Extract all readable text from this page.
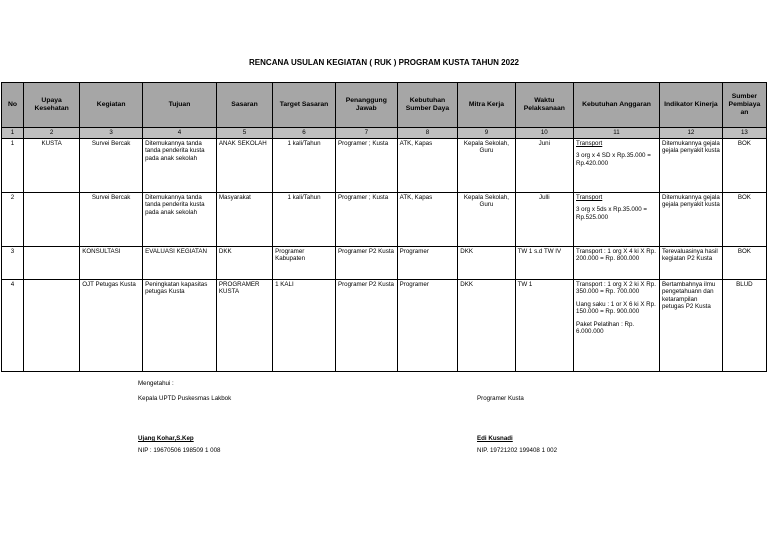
RENCANA USULAN KEGIATAN ( RUK ) PROGRAM KUSTA TAHUN 2022
No	Upaya Kesehatan	Kegiatan	Tujuan	Sasaran	Target Sasaran	Penanggung Jawab	Kebutuhan Sumber Daya	Mitra Kerja	Waktu Pelaksanaan	Kebutuhan Anggaran	Indikator Kinerja	Sumber Pembiaya an
1	2	3	4	5	6	7	8	9	10	11	12	13
1	KUSTA	Survei Bercak	Ditemukannya tanda tanda penderita kusta pada anak sekolah	ANAK SEKOLAH	1 kali/Tahun	Programer ; Kusta	ATK, Kapas	Kepala Sekolah, Guru	Juni	Transport
3 org x 4 SD x Rp.35.000 = Rp.420.000	Ditemukannya gejala gejala penyakit kusta	BOK
2		Survei Bercak	Ditemukannya tanda tanda penderita kusta pada anak sekolah	Masyarakat	1 kali/Tahun	Programer ; Kusta	ATK, Kapas	Kepala Sekolah, Guru	Julli	Transport
3 org x 5ds x Rp.35.000 = Rp.525.000	Ditemukannya gejala gejala penyakit kusta	BOK
3		KONSULTASI	EVALUASI KEGIATAN	DKK	Programer Kabupaten	Programer P2 Kusta	Programer	DKK	TW 1 s.d TW IV	Transport : 1 org X 4 ki X Rp. 200.000 = Rp. 800.000	Terevaluasinya hasil kegiatan P2 Kusta	BOK
4		OJT Petugas Kusta	Peningkatan kapasitas petugas Kusta	PROGRAMER KUSTA	1 KALI	Programer P2 Kusta	Programer	DKK	TW 1	Transport : 1 org X 2 ki X Rp. 350.000 = Rp. 700.000
Uang saku : 1 or X 6 ki X Rp. 150.000 = Rp. 900.000
Paket Pelatihan : Rp. 6.000.000	Bertambahnya ilmu pengetahuann dan ketarampilan petugas P2 Kusta	BLUD
Mengetahui :
Kepala UPTD Puskesmas Lakbok	Programer Kusta
Ujang Kohar,S.Kep
NIP : 19670506 198509 1 008
Edi Kusnadi
NIP. 19721202 199408 1 002
